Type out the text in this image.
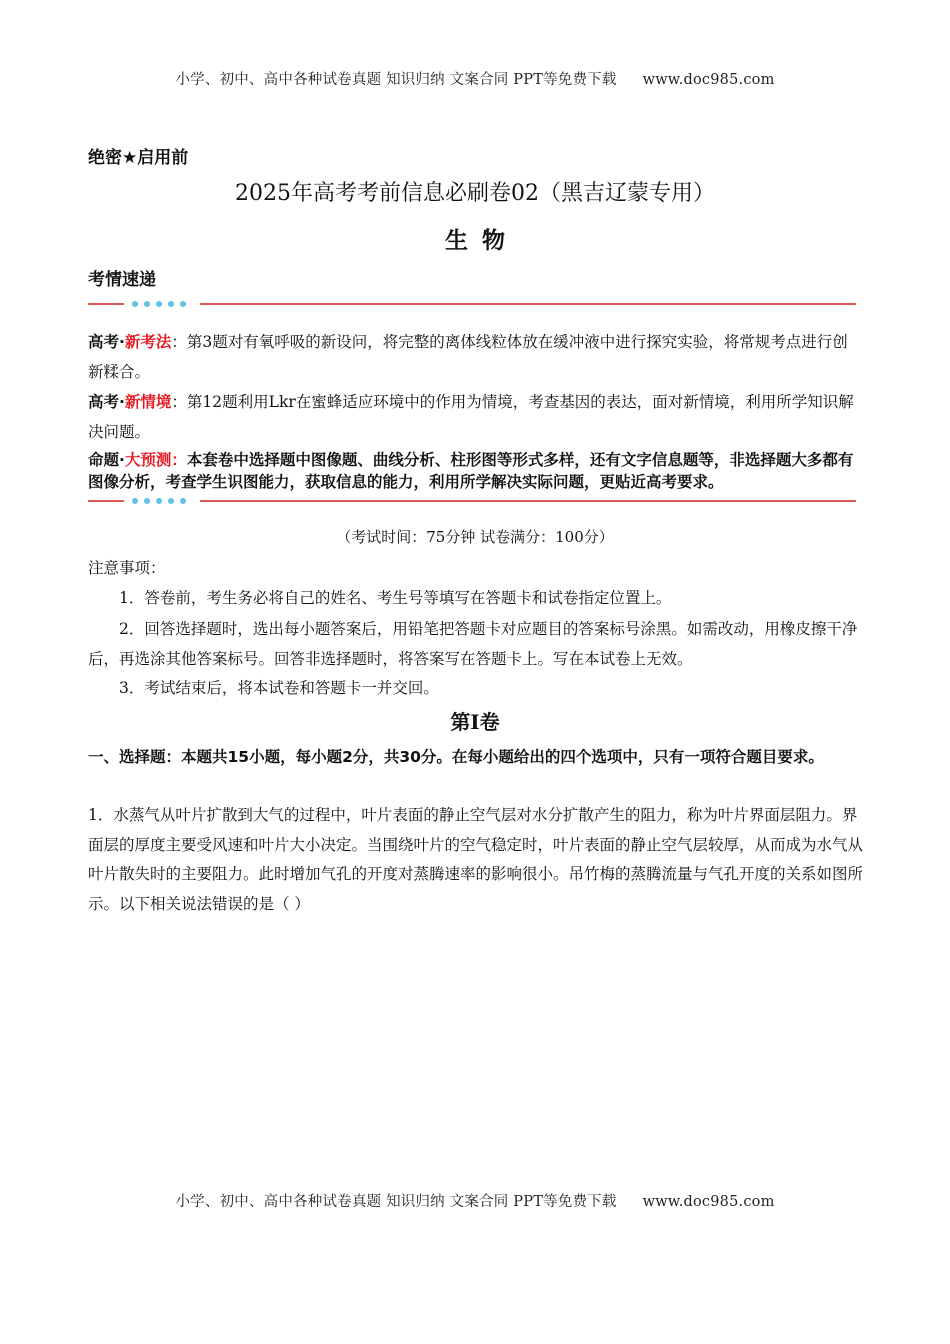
小学、初中、高中各种试卷真题 知识归纳 文案合同 PPT等免费下载 www.doc985.com
绝密★启用前
2025年高考考前信息必刷卷02（黑吉辽蒙专用）
生物
考情速递
高考·新考法：第3题对有氧呼吸的新设问，将完整的离体线粒体放在缓冲液中进行探究实验，将常规考点进行创新糅合。
高考·新情境：第12题利用Lkr在蜜蜂适应环境中的作用为情境，考查基因的表达，面对新情境，利用所学知识解决问题。
命题·大预测：本套卷中选择题中图像题、曲线分析、柱形图等形式多样，还有文字信息题等，非选择题大多都有图像分析，考查学生识图能力，获取信息的能力，利用所学解决实际问题，更贴近高考要求。
（考试时间：75分钟 试卷满分：100分）
注意事项：
1．答卷前，考生务必将自己的姓名、考生号等填写在答题卡和试卷指定位置上。
2．回答选择题时，选出每小题答案后，用铅笔把答题卡对应题目的答案标号涂黑。如需改动，用橡皮擦干净后，再选涂其他答案标号。回答非选择题时，将答案写在答题卡上。写在本试卷上无效。
3．考试结束后，将本试卷和答题卡一并交回。
第Ⅰ卷
一、选择题：本题共15小题，每小题2分，共30分。在每小题给出的四个选项中，只有一项符合题目要求。
1．水蒸气从叶片扩散到大气的过程中，叶片表面的静止空气层对水分扩散产生的阻力，称为叶片界面层阻力。界面层的厚度主要受风速和叶片大小决定。当围绕叶片的空气稳定时，叶片表面的静止空气层较厚，从而成为水气从叶片散失时的主要阻力。此时增加气孔的开度对蒸腾速率的影响很小。吊竹梅的蒸腾流量与气孔开度的关系如图所示。以下相关说法错误的是（ ）
小学、初中、高中各种试卷真题 知识归纳 文案合同 PPT等免费下载 www.doc985.com
